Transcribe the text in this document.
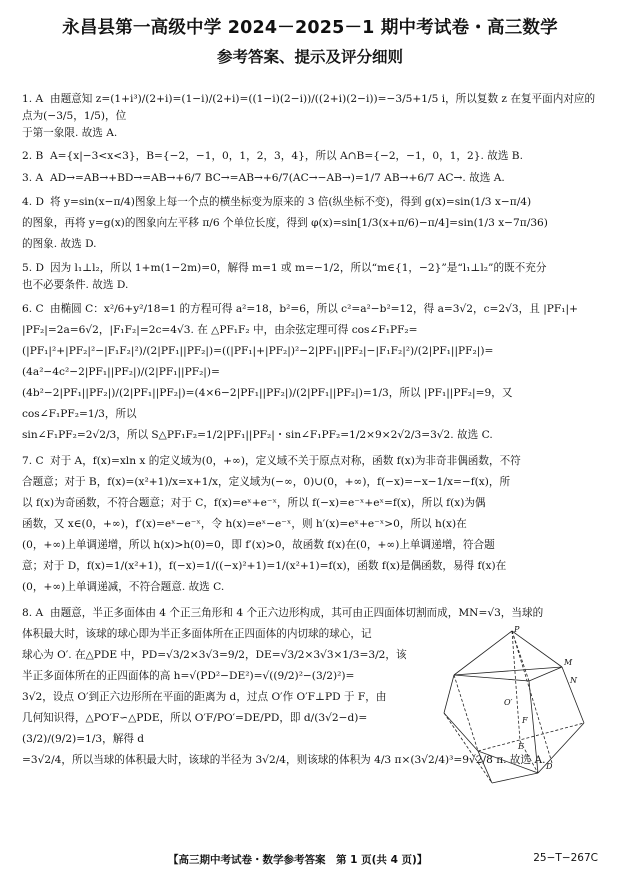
永昌县第一高级中学 2024－2025－1 期中考试卷・高三数学
参考答案、提示及评分细则

1. A 由题意知 z=(1+i³)/(2+i)=(1−i)/(2+i)=((1−i)(2−i))/((2+i)(2−i))=−3/5+1/5 i，所以复数 z 在复平面内对应的点为(−3/5，1/5)，位

于第一象限. 故选 A.

2. B A={x|−3<x<3}，B={−2，−1，0，1，2，3，4}，所以 A∩B={−2，−1，0，1，2}. 故选 B.

3. A AD→=AB→+BD→=AB→+6/7 BC→=AB→+6/7(AC→−AB→)=1/7 AB→+6/7 AC→. 故选 A.

4. D 将 y=sin(x−π/4)图象上每一个点的横坐标变为原来的 3 倍(纵坐标不变)，得到 g(x)=sin(1/3 x−π/4)

的图象，再将 y=g(x)的图象向左平移 π/6 个单位长度，得到 φ(x)=sin[1/3(x+π/6)−π/4]=sin(1/3 x−7π/36)

的图象. 故选 D.

5. D 因为 l₁⊥l₂，所以 1+m(1−2m)=0，解得 m=1 或 m=−1/2，所以“m∈{1，−2}”是“l₁⊥l₂”的既不充分

也不必要条件. 故选 D.

6. C 由椭圆 C：x²/6+y²/18=1 的方程可得 a²=18，b²=6，所以 c²=a²−b²=12，得 a=3√2，c=2√3，且 |PF₁|+

|PF₂|=2a=6√2，|F₁F₂|=2c=4√3. 在 △PF₁F₂ 中，由余弦定理可得 cos∠F₁PF₂=

(|PF₁|²+|PF₂|²−|F₁F₂|²)/(2|PF₁||PF₂|)=((|PF₁|+|PF₂|)²−2|PF₁||PF₂|−|F₁F₂|²)/(2|PF₁||PF₂|)=(4a²−4c²−2|PF₁||PF₂|)/(2|PF₁||PF₂|)=

(4b²−2|PF₁||PF₂|)/(2|PF₁||PF₂|)=(4×6−2|PF₁||PF₂|)/(2|PF₁||PF₂|)=1/3，所以 |PF₁||PF₂|=9，又 cos∠F₁PF₂=1/3，所以

sin∠F₁PF₂=2√2/3，所以 S△PF₁F₂=1/2|PF₁||PF₂|・sin∠F₁PF₂=1/2×9×2√2/3=3√2. 故选 C.

7. C 对于 A，f(x)=xln x 的定义域为(0，+∞)，定义域不关于原点对称，函数 f(x)为非奇非偶函数，不符

合题意；对于 B，f(x)=(x²+1)/x=x+1/x，定义域为(−∞，0)∪(0，+∞)，f(−x)=−x−1/x=−f(x)，所

以 f(x)为奇函数，不符合题意；对于 C，f(x)=eˣ+e⁻ˣ，所以 f(−x)=e⁻ˣ+eˣ=f(x)，所以 f(x)为偶

函数，又 x∈(0，+∞)，f′(x)=eˣ−e⁻ˣ，令 h(x)=eˣ−e⁻ˣ，则 h′(x)=eˣ+e⁻ˣ>0，所以 h(x)在

(0，+∞)上单调递增，所以 h(x)>h(0)=0，即 f′(x)>0，故函数 f(x)在(0，+∞)上单调递增，符合题

意；对于 D，f(x)=1/(x²+1)，f(−x)=1/((−x)²+1)=1/(x²+1)=f(x)，函数 f(x)是偶函数，易得 f(x)在

(0，+∞)上单调递减，不符合题意. 故选 C.

8. A 由题意，半正多面体由 4 个正三角形和 4 个正六边形构成，其可由正四面体切割而成，MN=√3，当球的

体积最大时，该球的球心即为半正多面体所在正四面体的内切球的球心，记

球心为 O′. 在△PDE 中，PD=√3/2×3√3=9/2，DE=√3/2×3√3×1/3=3/2，该

半正多面体所在的正四面体的高 h=√(PD²−DE²)=√((9/2)²−(3/2)²)=

3√2，设点 O′到正六边形所在平面的距离为 d，过点 O′作 O′F⊥PD 于 F，由

几何知识得，△PO′F∽△PDE，所以 O′F/PO′=DE/PD，即 d/(3√2−d)=(3/2)/(9/2)=1/3，解得 d

=3√2/4，所以当球的体积最大时，该球的半径为 3√2/4，则该球的体积为 4/3 π×(3√2/4)³=9√2/8 π. 故选 A.

P
M
N
O′
F
E
D
【高三期中考试卷・数学参考答案　第 1 页(共 4 页)】	25−T−267C
